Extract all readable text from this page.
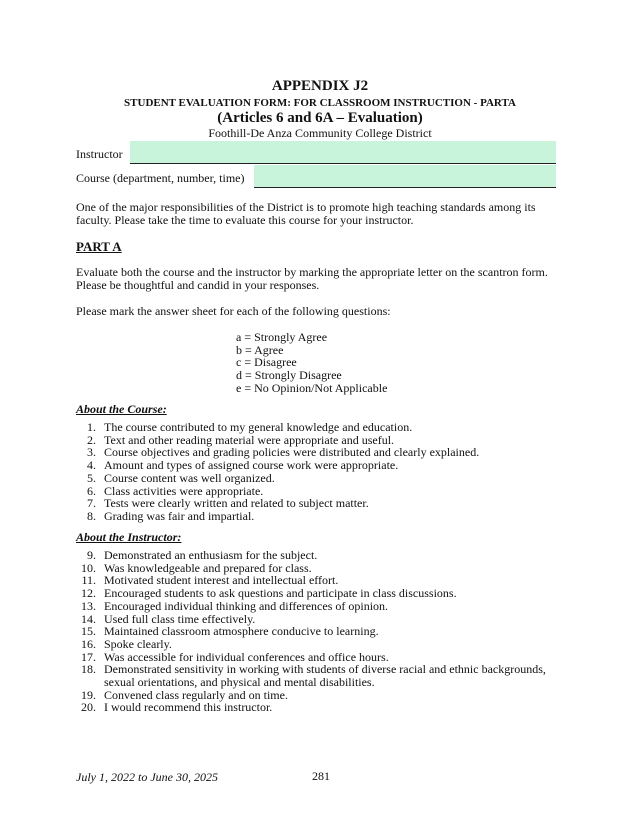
APPENDIX J2
STUDENT EVALUATION FORM: FOR CLASSROOM INSTRUCTION - PARTA
(Articles 6 and 6A – Evaluation)
Foothill-De Anza Community College District
Instructor
Course (department, number, time)
One of the major responsibilities of the District is to promote high teaching standards among its faculty. Please take the time to evaluate this course for your instructor.
PART A
Evaluate both the course and the instructor by marking the appropriate letter on the scantron form. Please be thoughtful and candid in your responses.
Please mark the answer sheet for each of the following questions:
a = Strongly Agree
b = Agree
c = Disagree
d = Strongly Disagree
e = No Opinion/Not Applicable
About the Course:
1. The course contributed to my general knowledge and education.
2. Text and other reading material were appropriate and useful.
3. Course objectives and grading policies were distributed and clearly explained.
4. Amount and types of assigned course work were appropriate.
5. Course content was well organized.
6. Class activities were appropriate.
7. Tests were clearly written and related to subject matter.
8. Grading was fair and impartial.
About the Instructor:
9. Demonstrated an enthusiasm for the subject.
10. Was knowledgeable and prepared for class.
11. Motivated student interest and intellectual effort.
12. Encouraged students to ask questions and participate in class discussions.
13. Encouraged individual thinking and differences of opinion.
14. Used full class time effectively.
15. Maintained classroom atmosphere conducive to learning.
16. Spoke clearly.
17. Was accessible for individual conferences and office hours.
18. Demonstrated sensitivity in working with students of diverse racial and ethnic backgrounds, sexual orientations, and physical and mental disabilities.
19. Convened class regularly and on time.
20. I would recommend this instructor.
July 1, 2022 to June 30, 2025	281
